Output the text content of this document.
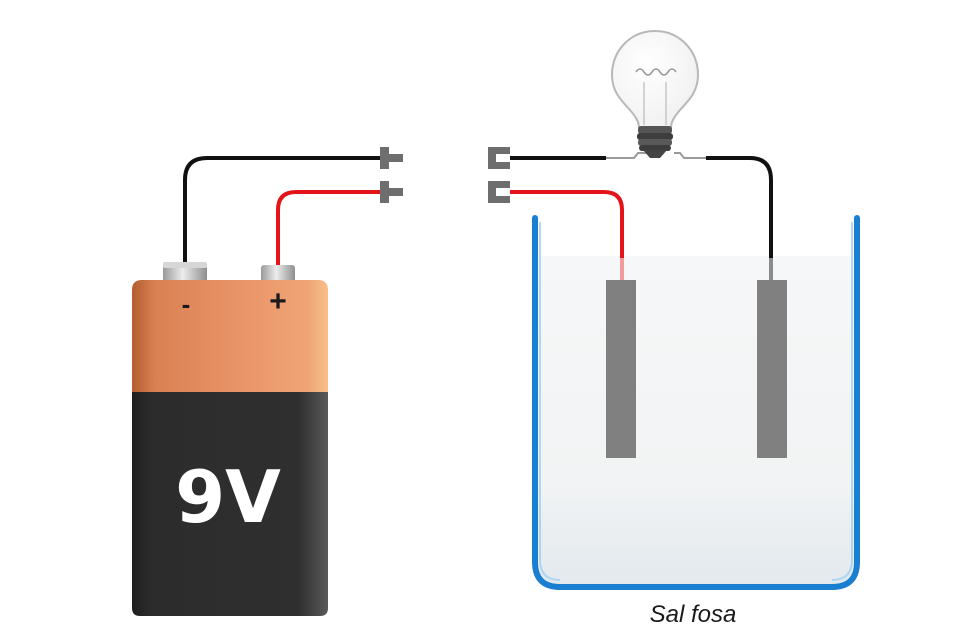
-	+
9V
Sal fosa
